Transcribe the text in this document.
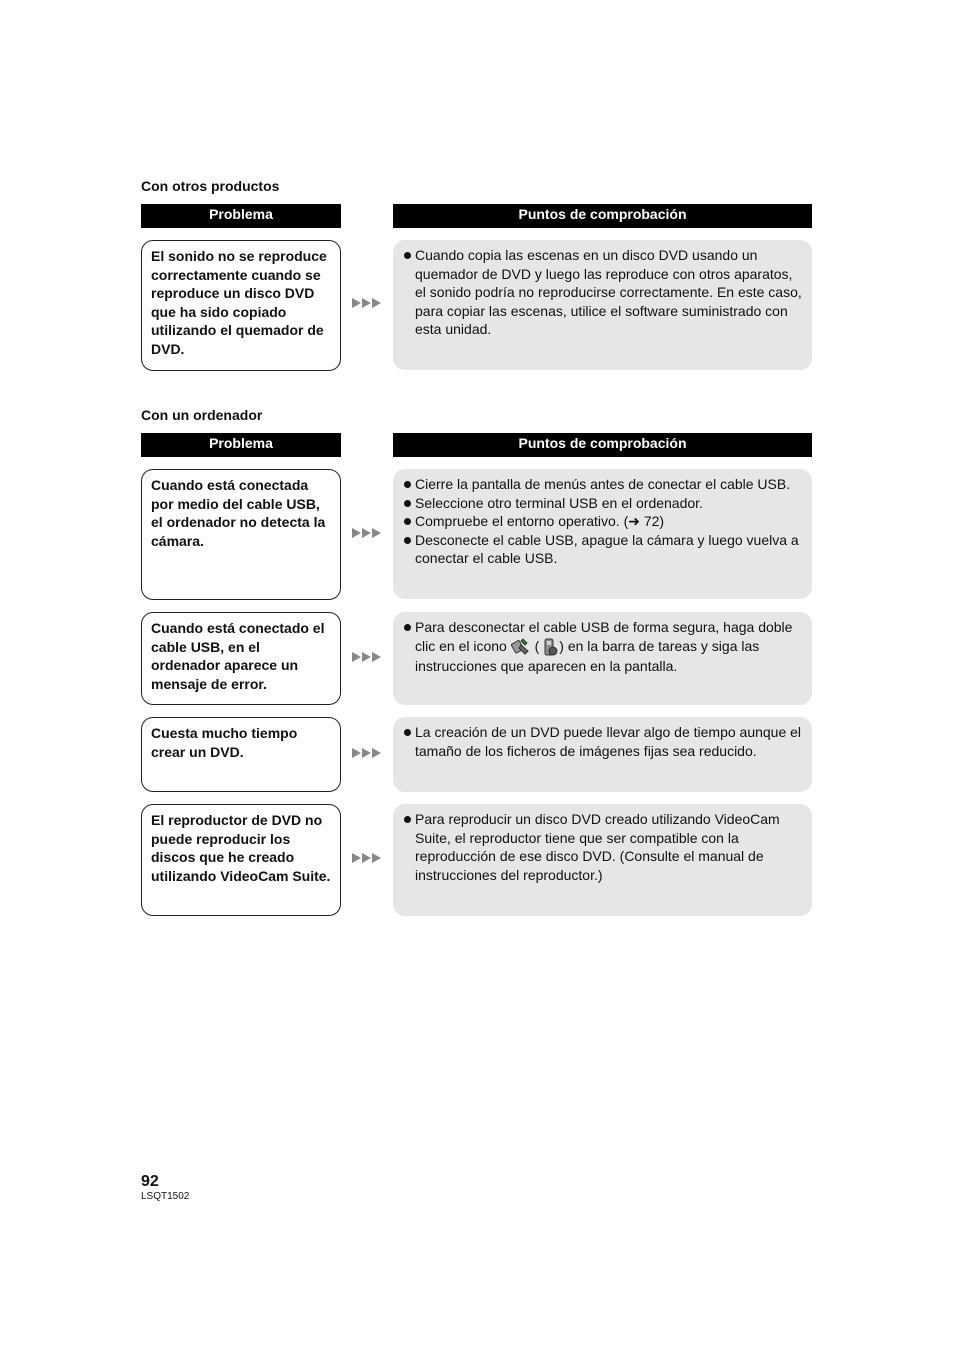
Con otros productos
Problema	Puntos de comprobación
El sonido no se reproduce correctamente cuando se reproduce un disco DVD que ha sido copiado utilizando el quemador de DVD.
Cuando copia las escenas en un disco DVD usando un quemador de DVD y luego las reproduce con otros aparatos, el sonido podría no reproducirse correctamente. En este caso, para copiar las escenas, utilice el software suministrado con esta unidad.
Con un ordenador
Problema	Puntos de comprobación
Cuando está conectada por medio del cable USB, el ordenador no detecta la cámara.
Cierre la pantalla de menús antes de conectar el cable USB.
Seleccione otro terminal USB en el ordenador.
Compruebe el entorno operativo. (➜ 72)
Desconecte el cable USB, apague la cámara y luego vuelva a conectar el cable USB.
Cuando está conectado el cable USB, en el ordenador aparece un mensaje de error.
Para desconectar el cable USB de forma segura, haga doble clic en el icono ( ) en la barra de tareas y siga las instrucciones que aparecen en la pantalla.
Cuesta mucho tiempo crear un DVD.
La creación de un DVD puede llevar algo de tiempo aunque el tamaño de los ficheros de imágenes fijas sea reducido.
El reproductor de DVD no puede reproducir los discos que he creado utilizando VideoCam Suite.
Para reproducir un disco DVD creado utilizando VideoCam Suite, el reproductor tiene que ser compatible con la reproducción de ese disco DVD. (Consulte el manual de instrucciones del reproductor.)
92
LSQT1502
